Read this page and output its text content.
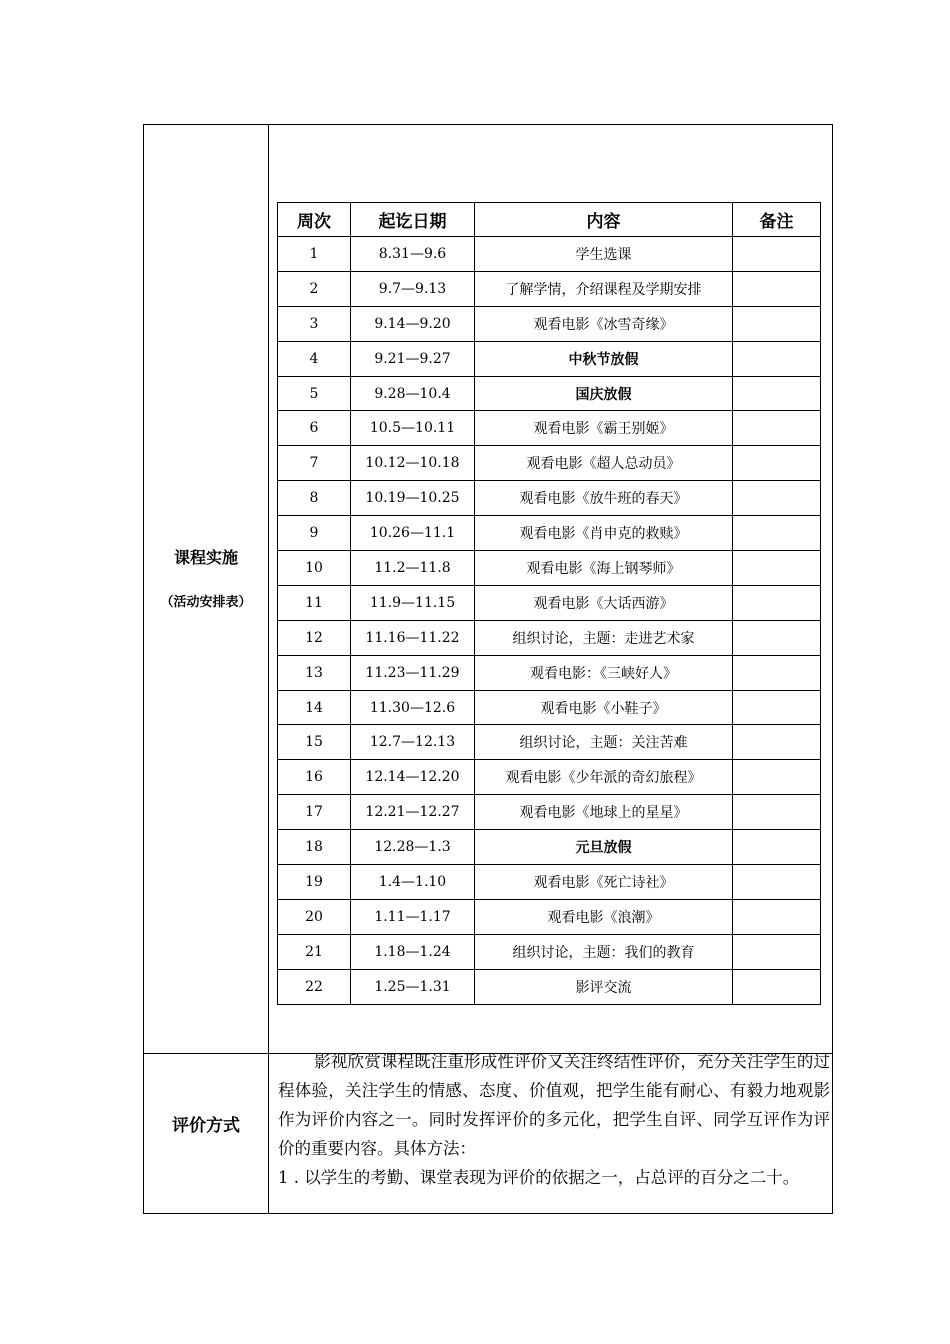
课程实施
（活动安排表）
评价方式
周次	起讫日期	内容	备注
1	8.31—9.6	学生选课	
2	9.7—9.13	了解学情，介绍课程及学期安排	
3	9.14—9.20	观看电影《冰雪奇缘》	
4	9.21—9.27	中秋节放假	
5	9.28—10.4	国庆放假	
6	10.5—10.11	观看电影《霸王别姬》	
7	10.12—10.18	观看电影《超人总动员》	
8	10.19—10.25	观看电影《放牛班的春天》	
9	10.26—11.1	观看电影《肖申克的救赎》	
10	11.2—11.8	观看电影《海上钢琴师》	
11	11.9—11.15	观看电影《大话西游》	
12	11.16—11.22	组织讨论，主题：走进艺术家	
13	11.23—11.29	观看电影：《三峡好人》	
14	11.30—12.6	观看电影《小鞋子》	
15	12.7—12.13	组织讨论，主题：关注苦难	
16	12.14—12.20	观看电影《少年派的奇幻旅程》	
17	12.21—12.27	观看电影《地球上的星星》	
18	12.28—1.3	元旦放假	
19	1.4—1.10	观看电影《死亡诗社》	
20	1.11—1.17	观看电影《浪潮》	
21	1.18—1.24	组织讨论，主题：我们的教育	
22	1.25—1.31	影评交流	

影视欣赏课程既注重形成性评价又关注终结性评价，充分关注学生的过程体验，关注学生的情感、态度、价值观，把学生能有耐心、有毅力地观影作为评价内容之一。同时发挥评价的多元化，把学生自评、同学互评作为评价的重要内容。具体方法：

1 . 以学生的考勤、课堂表现为评价的依据之一，占总评的百分之二十。
